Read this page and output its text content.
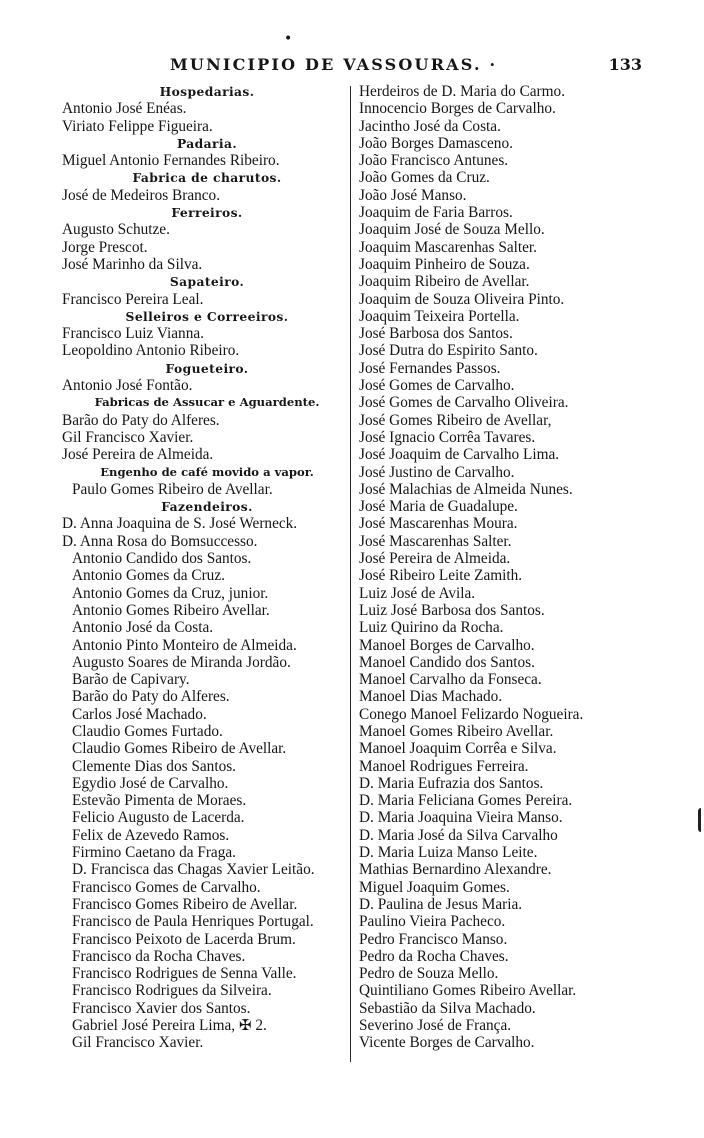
•
MUNICIPIO DE VASSOURAS. ·	133
Hospedarias.
Antonio José Enéas.
Viriato Felippe Figueira.
Padaria.
Miguel Antonio Fernandes Ribeiro.
Fabrica de charutos.
José de Medeiros Branco.
Ferreiros.
Augusto Schutze.
Jorge Prescot.
José Marinho da Silva.
Sapateiro.
Francisco Pereira Leal.
Selleiros e Correeiros.
Francisco Luiz Vianna.
Leopoldino Antonio Ribeiro.
Fogueteiro.
Antonio José Fontão.
Fabricas de Assucar e Aguardente.
Barão do Paty do Alferes.
Gil Francisco Xavier.
José Pereira de Almeida.
Engenho de café movido a vapor.
Paulo Gomes Ribeiro de Avellar.
Fazendeiros.
D. Anna Joaquina de S. José Werneck.
D. Anna Rosa do Bomsuccesso.
Antonio Candido dos Santos.
Antonio Gomes da Cruz.
Antonio Gomes da Cruz, junior.
Antonio Gomes Ribeiro Avellar.
Antonio José da Costa.
Antonio Pinto Monteiro de Almeida.
Augusto Soares de Miranda Jordão.
Barão de Capivary.
Barão do Paty do Alferes.
Carlos José Machado.
Claudio Gomes Furtado.
Claudio Gomes Ribeiro de Avellar.
Clemente Dias dos Santos.
Egydio José de Carvalho.
Estevão Pimenta de Moraes.
Felicio Augusto de Lacerda.
Felix de Azevedo Ramos.
Firmino Caetano da Fraga.
D. Francisca das Chagas Xavier Leitão.
Francisco Gomes de Carvalho.
Francisco Gomes Ribeiro de Avellar.
Francisco de Paula Henriques Portugal.
Francisco Peixoto de Lacerda Brum.
Francisco da Rocha Chaves.
Francisco Rodrigues de Senna Valle.
Francisco Rodrigues da Silveira.
Francisco Xavier dos Santos.
Gabriel José Pereira Lima, ✠ 2.
Gil Francisco Xavier.
Herdeiros de D. Maria do Carmo.
Innocencio Borges de Carvalho.
Jacintho José da Costa.
João Borges Damasceno.
João Francisco Antunes.
João Gomes da Cruz.
João José Manso.
Joaquim de Faria Barros.
Joaquim José de Souza Mello.
Joaquim Mascarenhas Salter.
Joaquim Pinheiro de Souza.
Joaquim Ribeiro de Avellar.
Joaquim de Souza Oliveira Pinto.
Joaquim Teixeira Portella.
José Barbosa dos Santos.
José Dutra do Espirito Santo.
José Fernandes Passos.
José Gomes de Carvalho.
José Gomes de Carvalho Oliveira.
José Gomes Ribeiro de Avellar,
José Ignacio Corrêa Tavares.
José Joaquim de Carvalho Lima.
José Justino de Carvalho.
José Malachias de Almeida Nunes.
José Maria de Guadalupe.
José Mascarenhas Moura.
José Mascarenhas Salter.
José Pereira de Almeida.
José Ribeiro Leite Zamith.
Luiz José de Avila.
Luiz José Barbosa dos Santos.
Luiz Quirino da Rocha.
Manoel Borges de Carvalho.
Manoel Candido dos Santos.
Manoel Carvalho da Fonseca.
Manoel Dias Machado.
Conego Manoel Felizardo Nogueira.
Manoel Gomes Ribeiro Avellar.
Manoel Joaquim Corrêa e Silva.
Manoel Rodrigues Ferreira.
D. Maria Eufrazia dos Santos.
D. Maria Feliciana Gomes Pereira.
D. Maria Joaquina Vieira Manso.
D. Maria José da Silva Carvalho
D. Maria Luiza Manso Leite.
Mathias Bernardino Alexandre.
Miguel Joaquim Gomes.
D. Paulina de Jesus Maria.
Paulino Vieira Pacheco.
Pedro Francisco Manso.
Pedro da Rocha Chaves.
Pedro de Souza Mello.
Quintiliano Gomes Ribeiro Avellar.
Sebastião da Silva Machado.
Severino José de França.
Vicente Borges de Carvalho.
